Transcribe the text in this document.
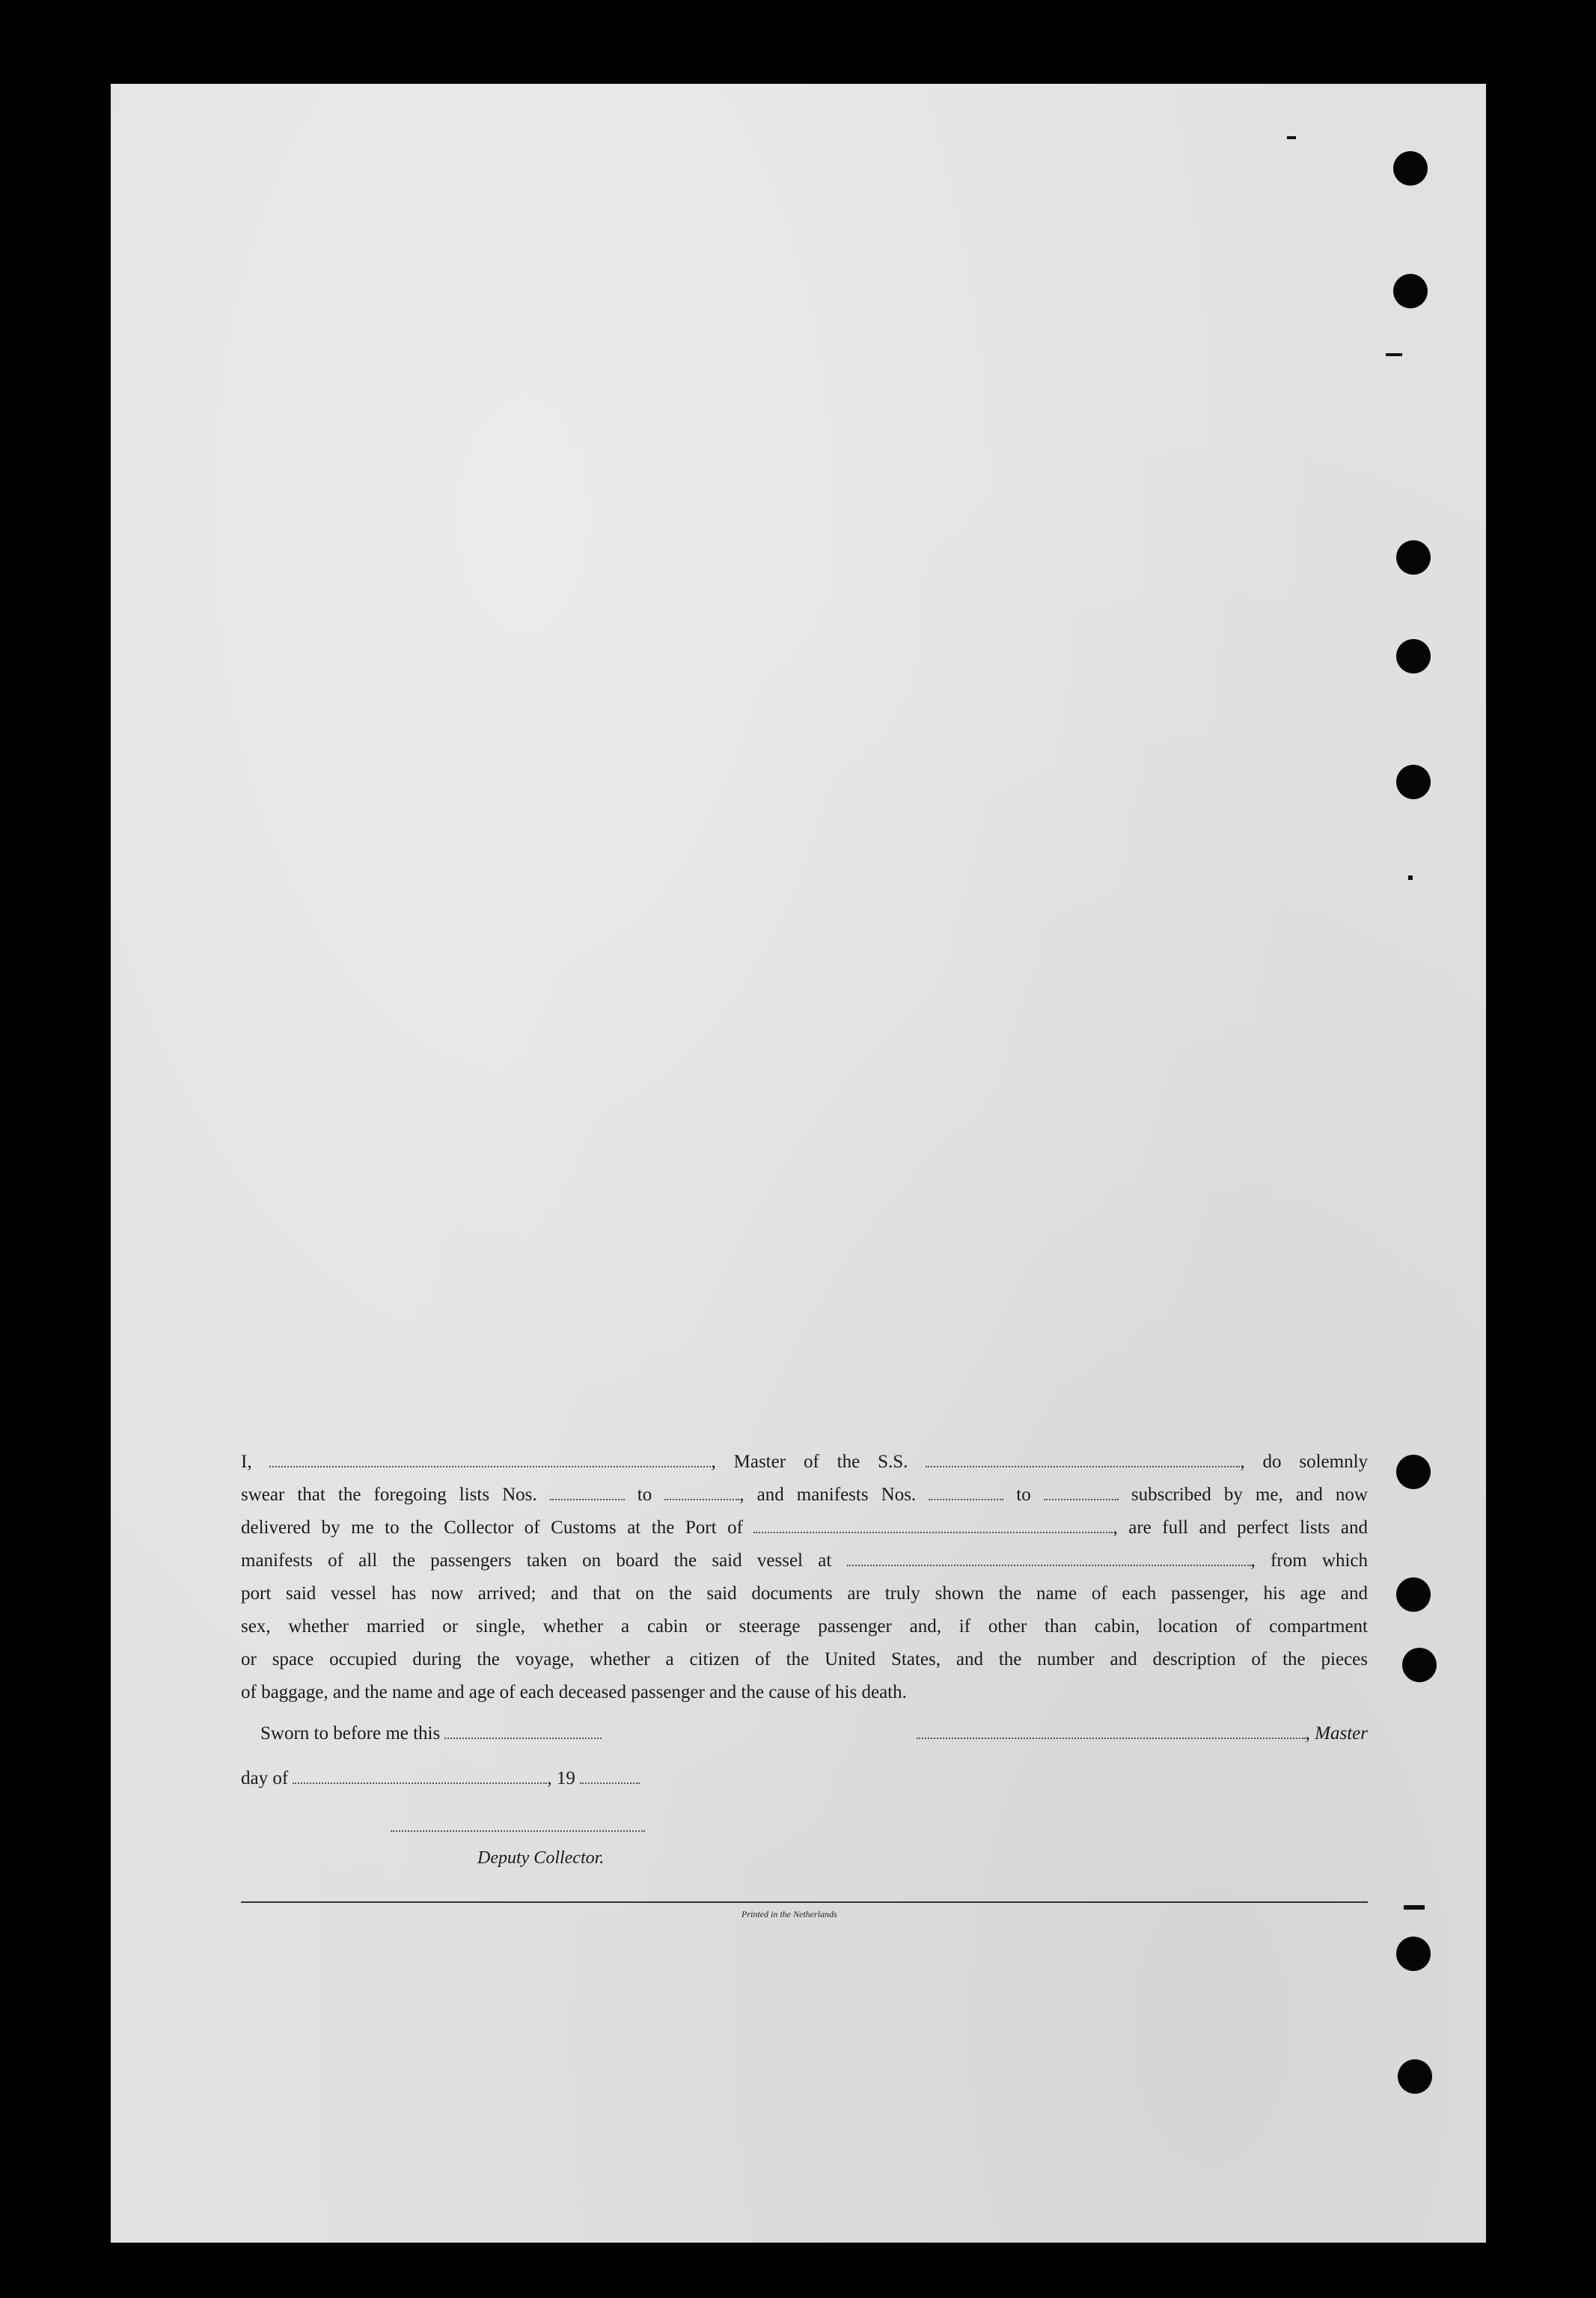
I,	, Master of the S.S.	, do solemnly

swear that the foregoing lists Nos.	to	, and manifests Nos.	to	subscribed by me, and now

delivered by me to the Collector of Customs at the Port of	, are full and perfect lists and

manifests of all the passengers taken on board the said vessel at	, from which

port said vessel has now arrived; and that on the said documents are truly shown the name of each passenger, his age and

sex, whether married or single, whether a cabin or steerage passenger and, if other than cabin, location of compartment

or space occupied during the voyage, whether a citizen of the United States, and the number and description of the pieces

of baggage, and the name and age of each deceased passenger and the cause of his death.

Sworn to before me this	, Master
day of	, 19
Deputy Collector.
Printed in the Netherlands
